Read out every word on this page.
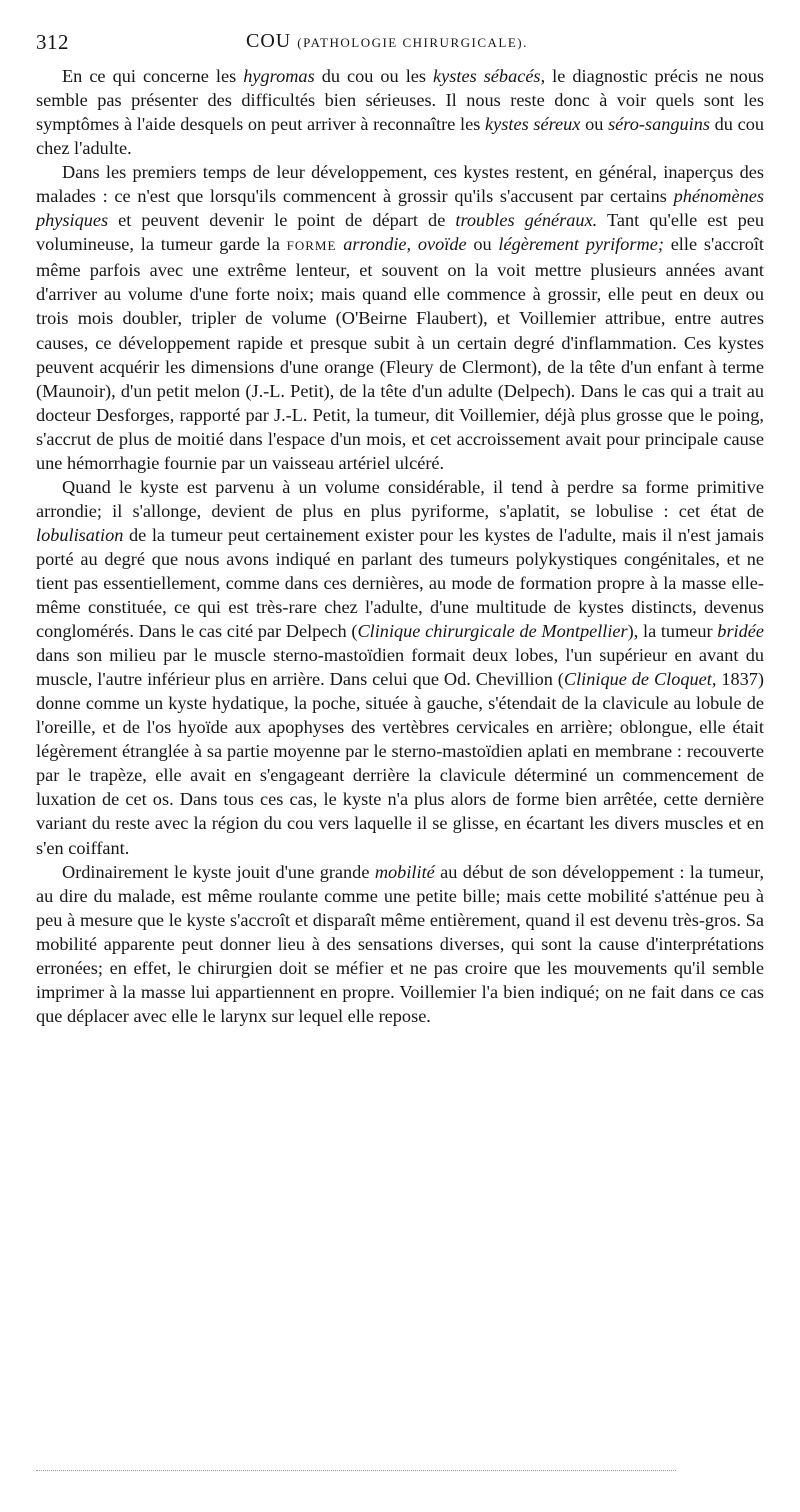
312	COU (PATHOLOGIE CHIRURGICALE).

En ce qui concerne les hygromas du cou ou les kystes sébacés, le diagnostic précis ne nous semble pas présenter des difficultés bien sérieuses. Il nous reste donc à voir quels sont les symptômes à l'aide desquels on peut arriver à reconnaître les kystes séreux ou séro-sanguins du cou chez l'adulte.

Dans les premiers temps de leur développement, ces kystes restent, en général, inaperçus des malades : ce n'est que lorsqu'ils commencent à grossir qu'ils s'accusent par certains phénomènes physiques et peuvent devenir le point de départ de troubles généraux. Tant qu'elle est peu volumineuse, la tumeur garde la FORME arrondie, ovoïde ou légèrement pyriforme; elle s'accroît même parfois avec une extrême lenteur, et souvent on la voit mettre plusieurs années avant d'arriver au volume d'une forte noix; mais quand elle commence à grossir, elle peut en deux ou trois mois doubler, tripler de volume (O'Beirne Flaubert), et Voillemier attribue, entre autres causes, ce développement rapide et presque subit à un certain degré d'inflammation. Ces kystes peuvent acquérir les dimensions d'une orange (Fleury de Clermont), de la tête d'un enfant à terme (Maunoir), d'un petit melon (J.-L. Petit), de la tête d'un adulte (Delpech). Dans le cas qui a trait au docteur Desforges, rapporté par J.-L. Petit, la tumeur, dit Voillemier, déjà plus grosse que le poing, s'accrut de plus de moitié dans l'espace d'un mois, et cet accroissement avait pour principale cause une hémorrhagie fournie par un vaisseau artériel ulcéré.

Quand le kyste est parvenu à un volume considérable, il tend à perdre sa forme primitive arrondie; il s'allonge, devient de plus en plus pyriforme, s'aplatit, se lobulise : cet état de lobulisation de la tumeur peut certainement exister pour les kystes de l'adulte, mais il n'est jamais porté au degré que nous avons indiqué en parlant des tumeurs polykystiques congénitales, et ne tient pas essentiellement, comme dans ces dernières, au mode de formation propre à la masse elle-même constituée, ce qui est très-rare chez l'adulte, d'une multitude de kystes distincts, devenus conglomérés. Dans le cas cité par Delpech (Clinique chirurgicale de Montpellier), la tumeur bridée dans son milieu par le muscle sterno-mastoïdien formait deux lobes, l'un supérieur en avant du muscle, l'autre inférieur plus en arrière. Dans celui que Od. Chevillion (Clinique de Cloquet, 1837) donne comme un kyste hydatique, la poche, située à gauche, s'étendait de la clavicule au lobule de l'oreille, et de l'os hyoïde aux apophyses des vertèbres cervicales en arrière; oblongue, elle était légèrement étranglée à sa partie moyenne par le sterno-mastoïdien aplati en membrane : recouverte par le trapèze, elle avait en s'engageant derrière la clavicule déterminé un commencement de luxation de cet os. Dans tous ces cas, le kyste n'a plus alors de forme bien arrêtée, cette dernière variant du reste avec la région du cou vers laquelle il se glisse, en écartant les divers muscles et en s'en coiffant.

Ordinairement le kyste jouit d'une grande mobilité au début de son développement : la tumeur, au dire du malade, est même roulante comme une petite bille; mais cette mobilité s'atténue peu à peu à mesure que le kyste s'accroît et disparaît même entièrement, quand il est devenu très-gros. Sa mobilité apparente peut donner lieu à des sensations diverses, qui sont la cause d'interprétations erronées; en effet, le chirurgien doit se méfier et ne pas croire que les mouvements qu'il semble imprimer à la masse lui appartiennent en propre. Voillemier l'a bien indiqué; on ne fait dans ce cas que déplacer avec elle le larynx sur lequel elle repose.
